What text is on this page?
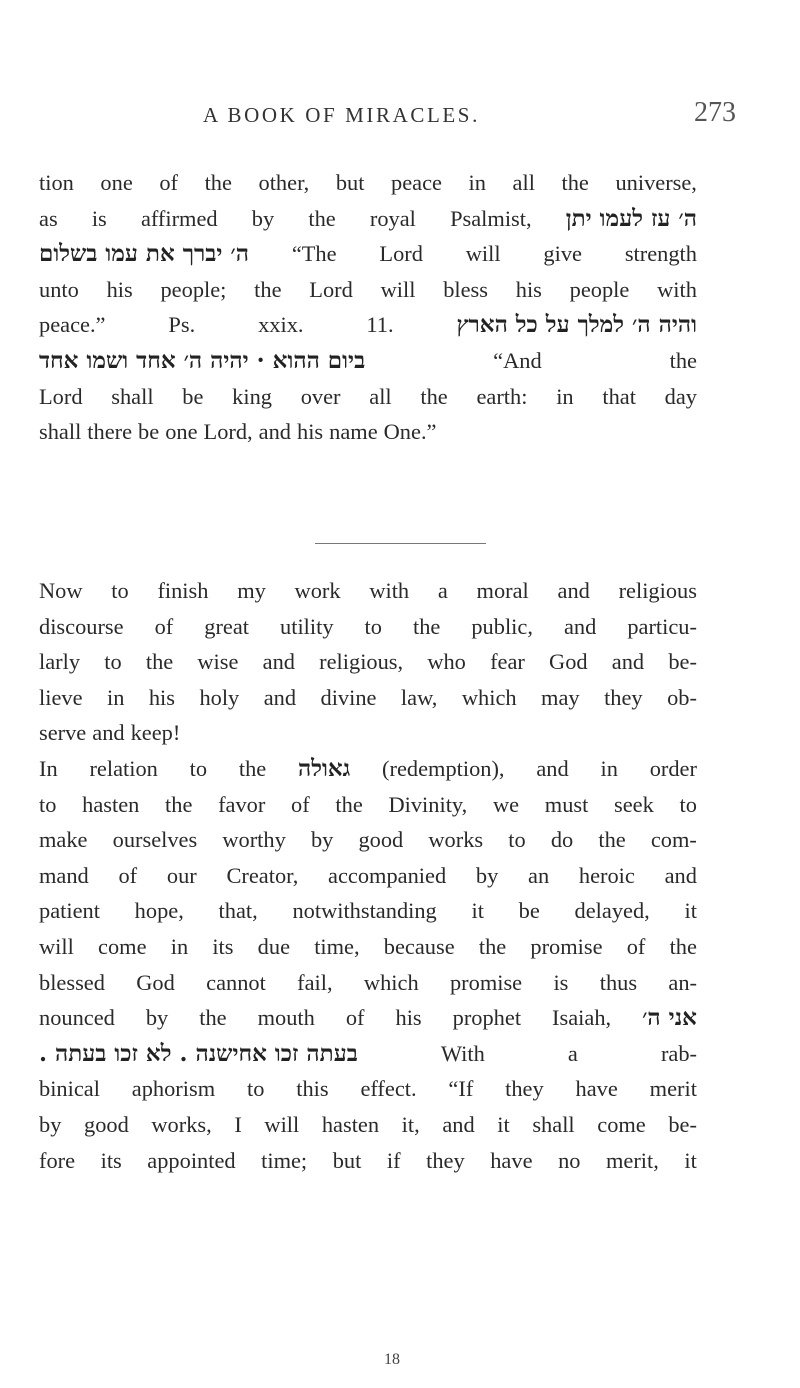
A BOOK OF MIRACLES.	273
tion one of the other, but peace in all the universe,
as is affirmed by the royal Psalmist, ה׳ עז לעמו יתן
ה׳ יברך את עמו בשלום “The Lord will give strength
unto his people; the Lord will bless his people with
peace.”	Ps.	xxix.	11.	והיה ה׳ למלך על כל הארץ
ביום ההוא · יהיה ה׳ אחד ושמו אחד	“And	the
Lord shall be king over all the earth: in that day
shall there be one Lord, and his name One.”
Now to finish my work with a moral and religious
discourse of great utility to the public, and particu-
larly to the wise and religious, who fear God and be-
lieve in his holy and divine law, which may they ob-
serve and keep!
In relation to the גאולה (redemption), and in order
to hasten the favor of the Divinity, we must seek to
make ourselves worthy by good works to do the com-
mand of our Creator, accompanied by an heroic and
patient hope, that, notwithstanding it be delayed, it
will come in its due time, because the promise of the
blessed God cannot fail, which promise is thus an-
nounced by the mouth of his prophet Isaiah, אני ה׳
בעתה זכו אחישנה . לא זכו בעתה .	With	a	rab-
binical aphorism to this effect. “If they have merit
by good works, I will hasten it, and it shall come be-
fore its appointed time; but if they have no merit, it
18
